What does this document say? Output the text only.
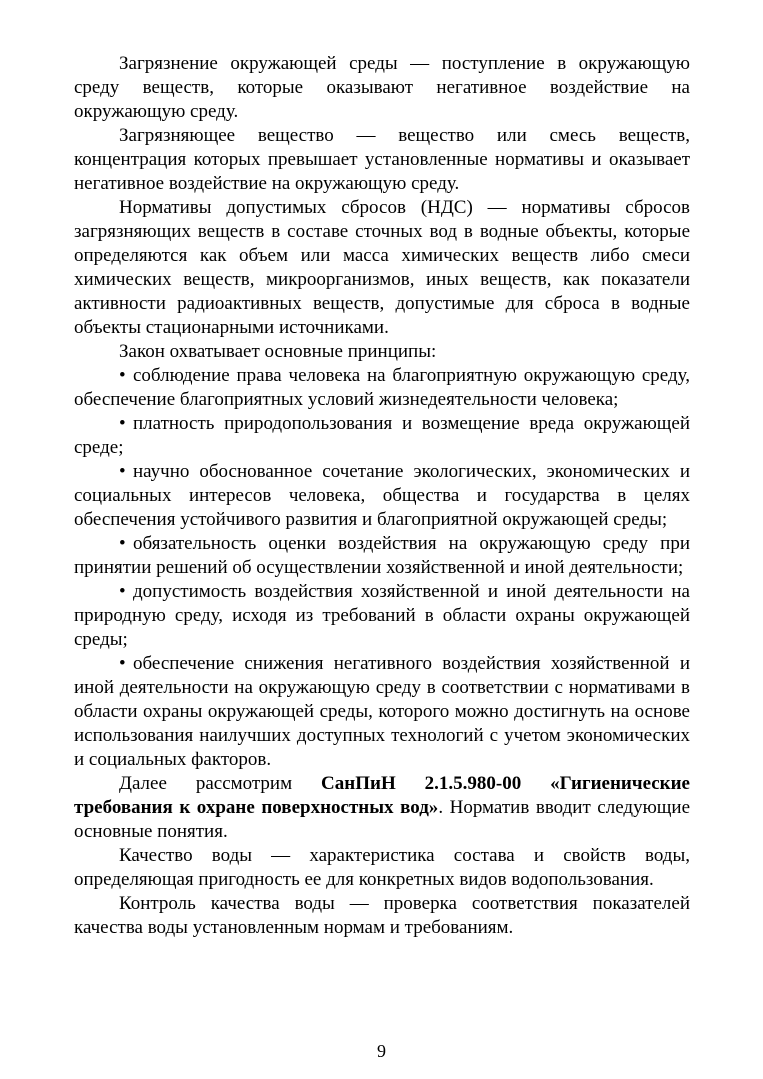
Загрязнение окружающей среды — поступление в окружающую среду веществ, которые оказывают негативное воздействие на окружающую среду.

Загрязняющее вещество — вещество или смесь веществ, концентрация которых превышает установленные нормативы и оказывает негативное воздействие на окружающую среду.

Нормативы допустимых сбросов (НДС) — нормативы сбросов загрязняющих веществ в составе сточных вод в водные объекты, которые определяются как объем или масса химических веществ либо смеси химических веществ, микроорганизмов, иных веществ, как показатели активности радиоактивных веществ, допустимые для сброса в водные объекты стационарными источниками.

Закон охватывает основные принципы:

• соблюдение права человека на благоприятную окружающую среду, обеспечение благоприятных условий жизнедеятельности человека;
• платность природопользования и возмещение вреда окружающей среде;
• научно обоснованное сочетание экологических, экономических и социальных интересов человека, общества и государства в целях обеспечения устойчивого развития и благоприятной окружающей среды;
• обязательность оценки воздействия на окружающую среду при принятии решений об осуществлении хозяйственной и иной деятельности;
• допустимость воздействия хозяйственной и иной деятельности на природную среду, исходя из требований в области охраны окружающей среды;
• обеспечение снижения негативного воздействия хозяйственной и иной деятельности на окружающую среду в соответствии с нормативами в области охраны окружающей среды, которого можно достигнуть на основе использования наилучших доступных технологий с учетом экономических и социальных факторов.

Далее рассмотрим СанПиН 2.1.5.980-00 «Гигиенические требования к охране поверхностных вод». Норматив вводит следующие основные понятия.

Качество воды — характеристика состава и свойств воды, определяющая пригодность ее для конкретных видов водопользования.

Контроль качества воды — проверка соответствия показателей качества воды установленным нормам и требованиям.

9
